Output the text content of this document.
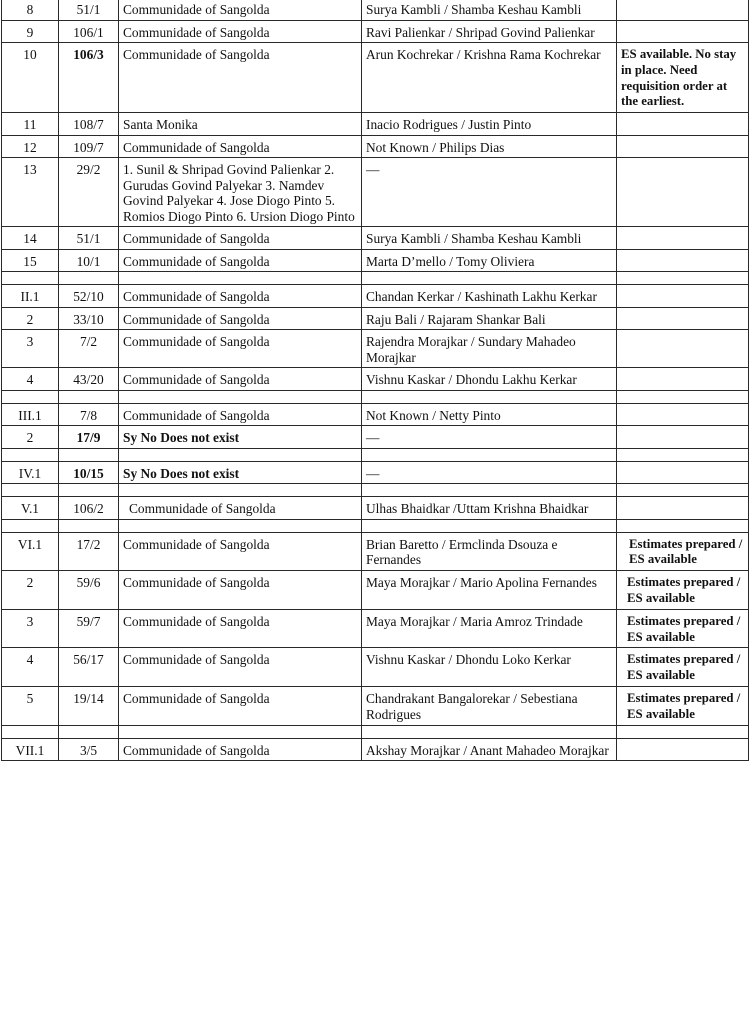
8	51/1	Communidade of Sangolda	Surya Kambli / Shamba Keshau Kambli	
9	106/1	Communidade of Sangolda	Ravi Palienkar / Shripad Govind Palienkar	
10	106/3	Communidade of Sangolda	Arun Kochrekar / Krishna Rama Kochrekar	ES available. No stay in place. Need requisition order at the earliest.
11	108/7	Santa Monika	Inacio Rodrigues / Justin Pinto	
12	109/7	Communidade of Sangolda	Not Known / Philips Dias	
13	29/2	1. Sunil & Shripad Govind Palienkar 2. Gurudas Govind Palyekar 3. Namdev Govind Palyekar 4. Jose Diogo Pinto 5. Romios Diogo Pinto 6. Ursion Diogo Pinto	—	
14	51/1	Communidade of Sangolda	Surya Kambli / Shamba Keshau Kambli	
15	10/1	Communidade of Sangolda	Marta D’mello / Tomy Oliviera	

II.1	52/10	Communidade of Sangolda	Chandan Kerkar / Kashinath Lakhu Kerkar	
2	33/10	Communidade of Sangolda	Raju Bali / Rajaram Shankar Bali	
3	7/2	Communidade of Sangolda	Rajendra Morajkar / Sundary Mahadeo Morajkar	
4	43/20	Communidade of Sangolda	Vishnu Kaskar / Dhondu Lakhu Kerkar	

III.1	7/8	Communidade of Sangolda	Not Known / Netty Pinto	
2	17/9	Sy No Does not exist	—	

IV.1	10/15	Sy No Does not exist	—	

V.1	106/2	Communidade of Sangolda	Ulhas Bhaidkar /Uttam Krishna Bhaidkar	

VI.1	17/2	Communidade of Sangolda	Brian Baretto / Ermclinda Dsouza e Fernandes	Estimates prepared / ES available
2	59/6	Communidade of Sangolda	Maya Morajkar / Mario Apolina Fernandes	Estimates prepared / ES available
3	59/7	Communidade of Sangolda	Maya Morajkar / Maria Amroz Trindade	Estimates prepared / ES available
4	56/17	Communidade of Sangolda	Vishnu Kaskar / Dhondu Loko Kerkar	Estimates prepared / ES available
5	19/14	Communidade of Sangolda	Chandrakant Bangalorekar / Sebestiana Rodrigues	Estimates prepared / ES available

VII.1	3/5	Communidade of Sangolda	Akshay Morajkar / Anant Mahadeo Morajkar	
